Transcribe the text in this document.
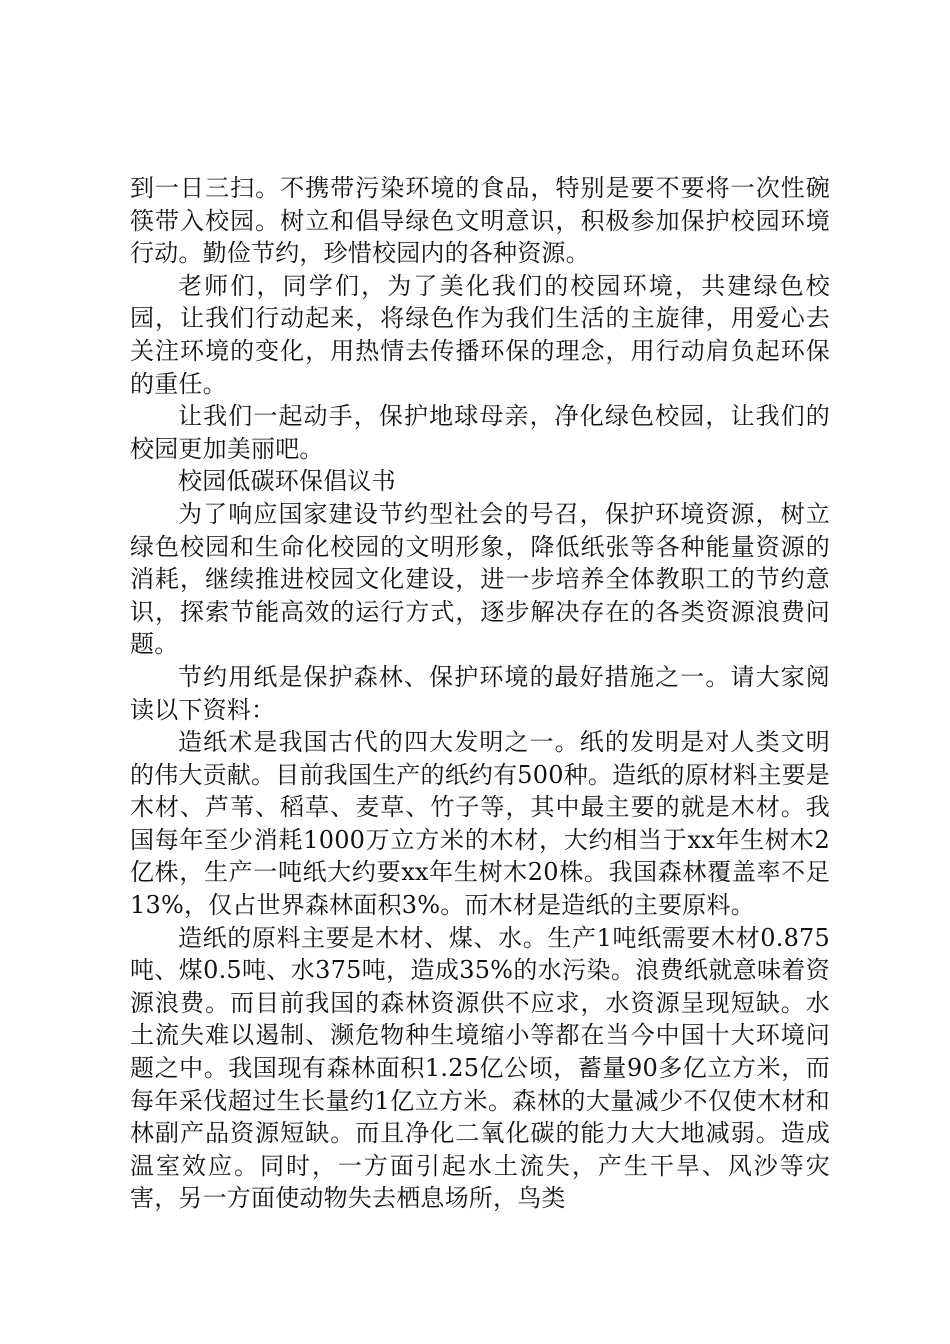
到一日三扫。不携带污染环境的食品，特别是要不要将一次性碗筷带入校园。树立和倡导绿色文明意识，积极参加保护校园环境行动。勤俭节约，珍惜校园内的各种资源。

老师们，同学们，为了美化我们的校园环境，共建绿色校园，让我们行动起来，将绿色作为我们生活的主旋律，用爱心去关注环境的变化，用热情去传播环保的理念，用行动肩负起环保的重任。

让我们一起动手，保护地球母亲，净化绿色校园，让我们的校园更加美丽吧。

校园低碳环保倡议书

为了响应国家建设节约型社会的号召，保护环境资源，树立绿色校园和生命化校园的文明形象，降低纸张等各种能量资源的消耗，继续推进校园文化建设，进一步培养全体教职工的节约意识，探索节能高效的运行方式，逐步解决存在的各类资源浪费问题。

节约用纸是保护森林、保护环境的最好措施之一。请大家阅读以下资料：

造纸术是我国古代的四大发明之一。纸的发明是对人类文明的伟大贡献。目前我国生产的纸约有500种。造纸的原材料主要是木材、芦苇、稻草、麦草、竹子等，其中最主要的就是木材。我国每年至少消耗1000万立方米的木材，大约相当于xx年生树木2亿株，生产一吨纸大约要xx年生树木20株。我国森林覆盖率不足13%，仅占世界森林面积3%。而木材是造纸的主要原料。

造纸的原料主要是木材、煤、水。生产1吨纸需要木材0.875吨、煤0.5吨、水375吨，造成35%的水污染。浪费纸就意味着资源浪费。而目前我国的森林资源供不应求，水资源呈现短缺。水土流失难以遏制、濒危物种生境缩小等都在当今中国十大环境问题之中。我国现有森林面积1.25亿公顷，蓄量90多亿立方米，而每年采伐超过生长量约1亿立方米。森林的大量减少不仅使木材和林副产品资源短缺。而且净化二氧化碳的能力大大地减弱。造成温室效应。同时，一方面引起水土流失，产生干旱、风沙等灾害，另一方面使动物失去栖息场所，鸟类
